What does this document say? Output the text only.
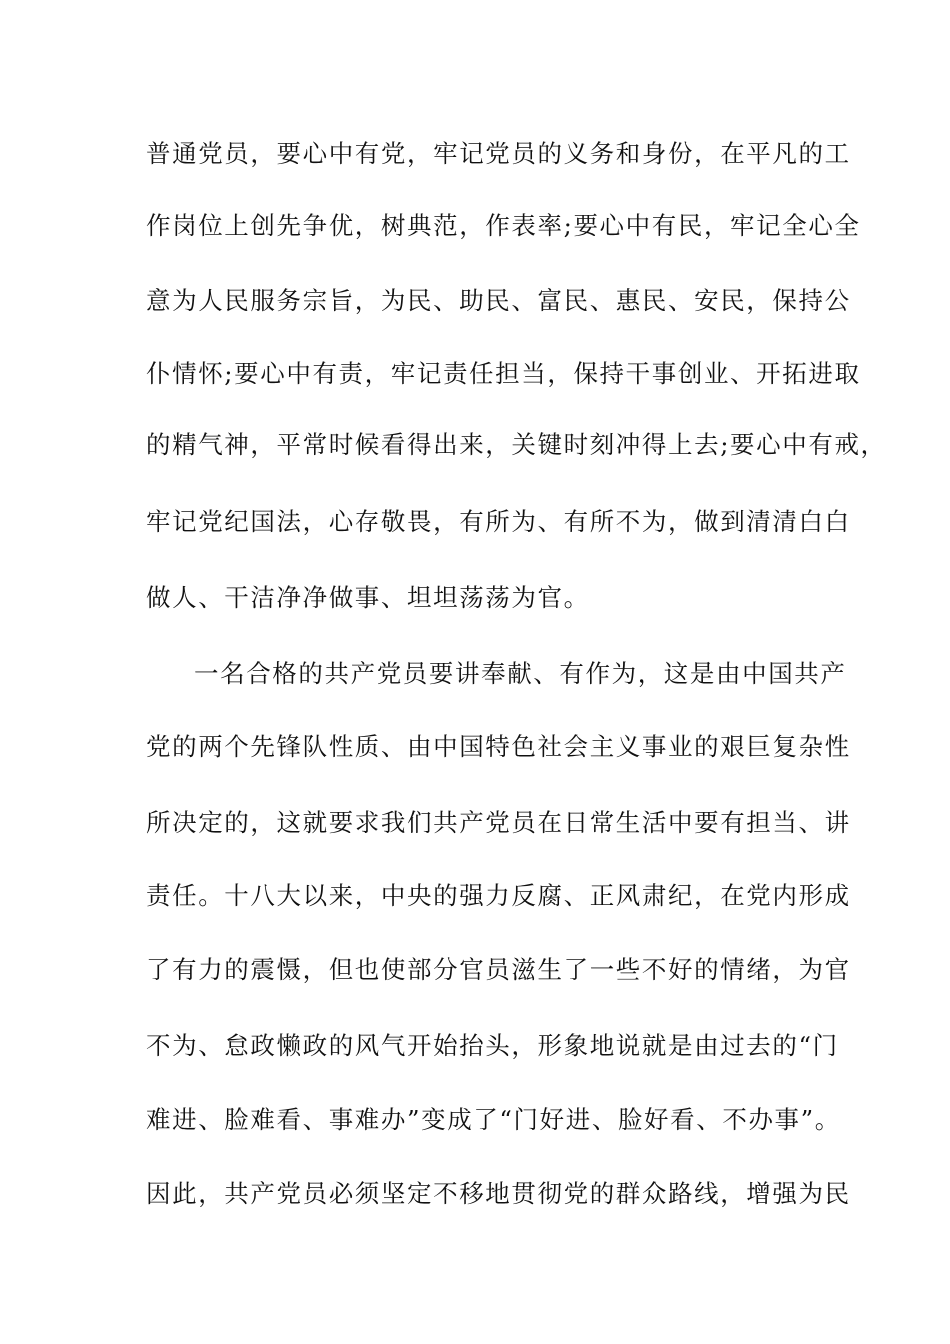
普通党员，要心中有党，牢记党员的义务和身份，在平凡的工
作岗位上创先争优，树典范，作表率;要心中有民，牢记全心全
意为人民服务宗旨，为民、助民、富民、惠民、安民，保持公
仆情怀;要心中有责，牢记责任担当，保持干事创业、开拓进取
的精气神，平常时候看得出来，关键时刻冲得上去;要心中有戒，
牢记党纪国法，心存敬畏，有所为、有所不为，做到清清白白
做人、干洁净净做事、坦坦荡荡为官。
一名合格的共产党员要讲奉献、有作为，这是由中国共产
党的两个先锋队性质、由中国特色社会主义事业的艰巨复杂性
所决定的，这就要求我们共产党员在日常生活中要有担当、讲
责任。十八大以来，中央的强力反腐、正风肃纪，在党内形成
了有力的震慑，但也使部分官员滋生了一些不好的情绪，为官
不为、怠政懒政的风气开始抬头，形象地说就是由过去的“门
难进、脸难看、事难办”变成了“门好进、脸好看、不办事”。
因此，共产党员必须坚定不移地贯彻党的群众路线，增强为民
